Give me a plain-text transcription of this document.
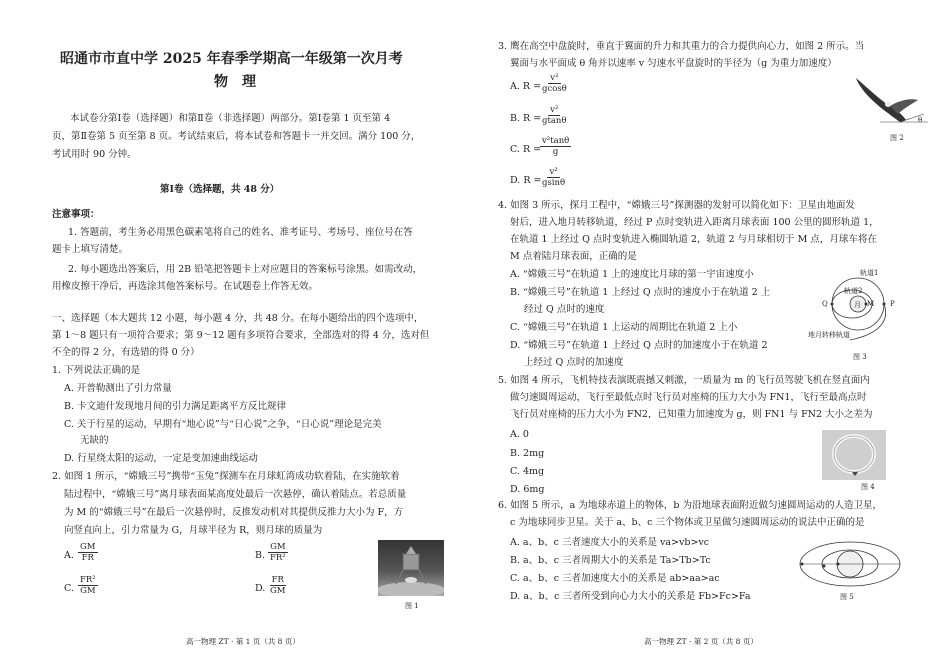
昭通市市直中学 2025 年春季学期高一年级第一次月考
物　理
本试卷分第Ⅰ卷（选择题）和第Ⅱ卷（非选择题）两部分。第Ⅰ卷第 1 页至第 4
页，第Ⅱ卷第 5 页至第 8 页。考试结束后，将本试卷和答题卡一并交回。满分 100 分，
考试用时 90 分钟。
第Ⅰ卷（选择题，共 48 分）
注意事项：
1. 答题前，考生务必用黑色碳素笔将自己的姓名、准考证号、考场号、座位号在答
题卡上填写清楚。
2. 每小题选出答案后，用 2B 铅笔把答题卡上对应题目的答案标号涂黑。如需改动，
用橡皮擦干净后，再选涂其他答案标号。在试题卷上作答无效。
一、选择题（本大题共 12 小题，每小题 4 分，共 48 分。在每小题给出的四个选项中，
第 1～8 题只有一项符合要求；第 9～12 题有多项符合要求，全部选对的得 4 分，选对但
不全的得 2 分，有选错的得 0 分）
1. 下列说法正确的是
A. 开普勒测出了引力常量
B. 卡文迪什发现地月间的引力满足距离平方反比规律
C. 关于行星的运动，早期有“地心说”与“日心说”之争，“日心说”理论是完美
无缺的
D. 行星绕太阳的运动，一定是变加速曲线运动
2. 如图 1 所示，“嫦娥三号”携带“玉兔”探测车在月球虹湾成功软着陆，在实施软着
陆过程中，“嫦娥三号”离月球表面某高度处最后一次悬停，确认着陆点。若总质量
为 M 的“嫦娥三号”在最后一次悬停时，反推发动机对其提供反推力大小为 F，方
向竖直向上，引力常量为 G，月球半径为 R，则月球的质量为
A. $\frac{GM}{FR}$	B. $\frac{GM}{\text{FR²}}$
C. $\frac{\text{FR²}}{GM}$	D. $\frac{FR}{GM}$
图 1
高一物理 ZT · 第 1 页（共 8 页）
3. 鹰在高空中盘旋时，垂直于翼面的升力和其重力的合力提供向心力，如图 2 所示。当
翼面与水平面成 θ 角并以速率 v 匀速水平盘旋时的半径为（g 为重力加速度）
A. R =
$\frac{\text{v²}}{gcos\theta}$
B. R =
$\frac{\text{v²}}{gtan\theta}$
C. R =
$\frac{\text{v²tanθ}}{g}$
D. R =
$\frac{\text{v²}}{gsin\theta}$
θ
图 2
4. 如图 3 所示，探月工程中，“嫦娥三号”探测器的发射可以简化如下：卫星由地面发
射后，进入地月转移轨道，经过 P 点时变轨进入距离月球表面 100 公里的圆形轨道 1，
在轨道 1 上经过 Q 点时变轨进入椭圆轨道 2，轨道 2 与月球相切于 M 点，月球车将在
M 点着陆月球表面，正确的是
A. “嫦娥三号”在轨道 1 上的速度比月球的第一宇宙速度小
B. “嫦娥三号”在轨道 1 上经过 Q 点时的速度小于在轨道 2 上
经过 Q 点时的速度
C. “嫦娥三号”在轨道 1 上运动的周期比在轨道 2 上小
D. “嫦娥三号”在轨道 1 上经过 Q 点时的加速度小于在轨道 2
上经过 Q 点时的加速度
轨道1
轨道2
月
Q	M P
地月转移轨道
图 3
5. 如图 4 所示，飞机特技表演既震撼又刺激，一质量为 m 的飞行员驾驶飞机在竖直面内
做匀速圆周运动，飞行至最低点时飞行员对座椅的压力大小为 FN1，飞行至最高点时
飞行员对座椅的压力大小为 FN2，已知重力加速度为 g，则 FN1 与 FN2 大小之差为
A. 0
B. 2mg
C. 4mg
D. 6mg	图 4
6. 如图 5 所示，a 为地球赤道上的物体，b 为沿地球表面附近做匀速圆周运动的人造卫星，
c 为地球同步卫星。关于 a、b、c 三个物体或卫星做匀速圆周运动的说法中正确的是
A. a、b、c 三者速度大小的关系是 va>vb>vc
B. a、b、c 三者周期大小的关系是 Ta>Tb>Tc
C. a、b、c 三者加速度大小的关系是 ab>aa>ac
D. a、b、c 三者所受到向心力大小的关系是 Fb>Fc>Fa	图 5
高一物理 ZT · 第 2 页（共 8 页）
